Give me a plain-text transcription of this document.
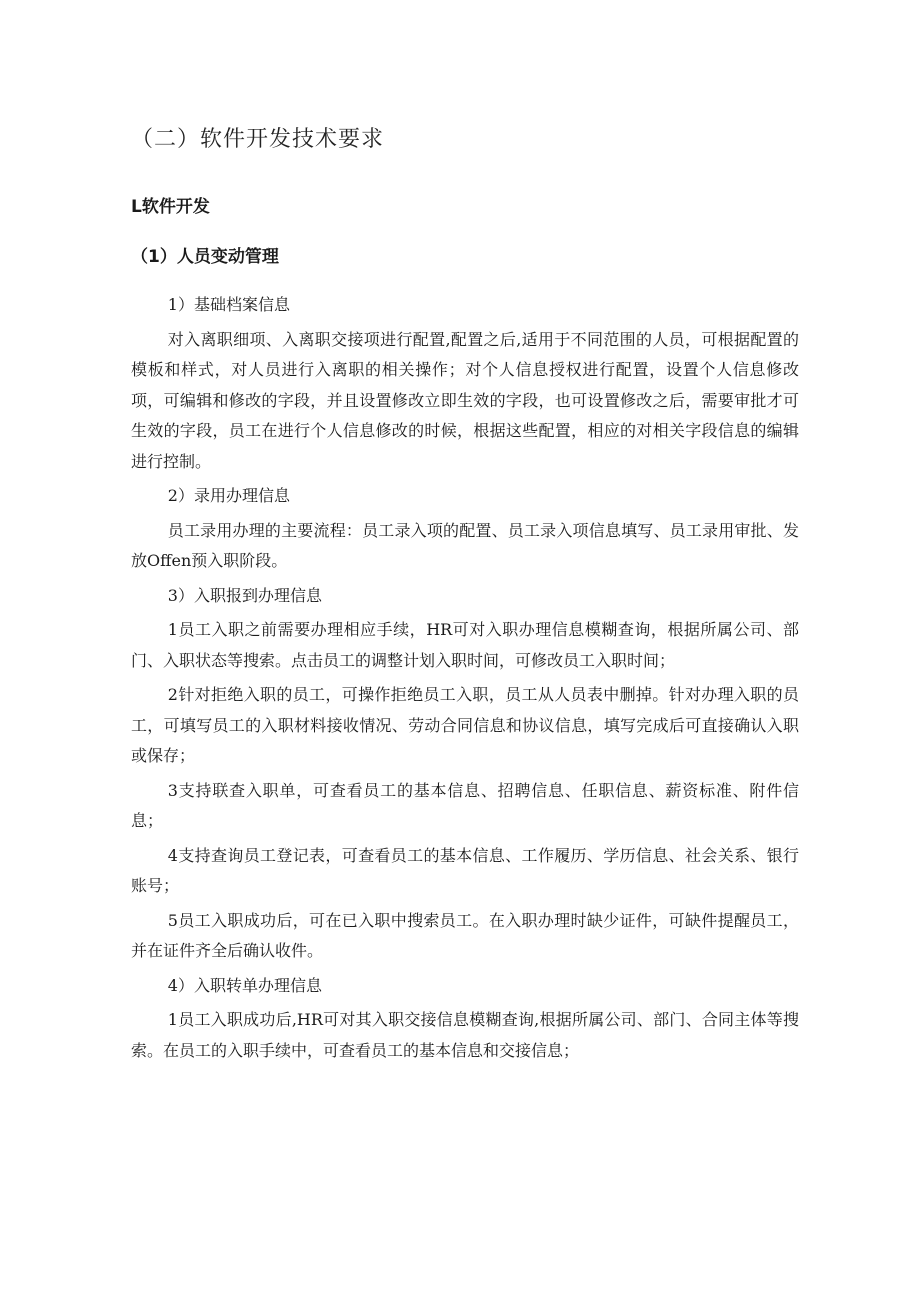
（二）软件开发技术要求
L软件开发
（1）人员变动管理

1）基础档案信息

对入离职细项、入离职交接项进行配置,配置之后,适用于不同范围的人员，可根据配置的模板和样式，对人员进行入离职的相关操作；对个人信息授权进行配置，设置个人信息修改项，可编辑和修改的字段，并且设置修改立即生效的字段，也可设置修改之后，需要审批才可生效的字段，员工在进行个人信息修改的时候，根据这些配置，相应的对相关字段信息的编辑进行控制。

2）录用办理信息

员工录用办理的主要流程：员工录入项的配置、员工录入项信息填写、员工录用审批、发放Offen预入职阶段。

3）入职报到办理信息

1员工入职之前需要办理相应手续，HR可对入职办理信息模糊查询，根据所属公司、部门、入职状态等搜索。点击员工的调整计划入职时间，可修改员工入职时间；

2针对拒绝入职的员工，可操作拒绝员工入职，员工从人员表中删掉。针对办理入职的员工，可填写员工的入职材料接收情况、劳动合同信息和协议信息，填写完成后可直接确认入职或保存；

3支持联查入职单，可查看员工的基本信息、招聘信息、任职信息、薪资标准、附件信息；

4支持查询员工登记表，可查看员工的基本信息、工作履历、学历信息、社会关系、银行账号；

5员工入职成功后，可在已入职中搜索员工。在入职办理时缺少证件，可缺件提醒员工，并在证件齐全后确认收件。

4）入职转单办理信息

1员工入职成功后,HR可对其入职交接信息模糊查询,根据所属公司、部门、合同主体等搜索。在员工的入职手续中，可查看员工的基本信息和交接信息；
